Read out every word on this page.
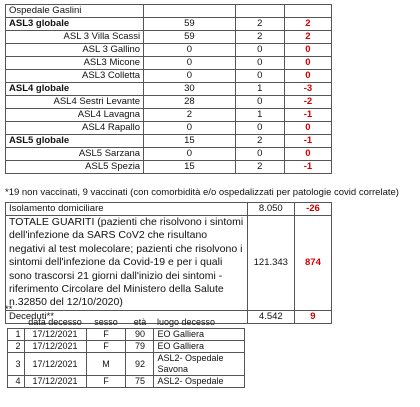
Ospedale Gaslini			
ASL3 globale	59	2	2
ASL 3 Villa Scassi	59	2	2
ASL 3 Gallino	0	0	0
ASL3 Micone	0	0	0
ASL3 Colletta	0	0	0
ASL4 globale	30	1	-3
ASL4 Sestri Levante	28	0	-2
ASL4 Lavagna	2	1	-1
ASL4 Rapallo	0	0	0
ASL5 globale	15	2	-1
ASL5 Sarzana	0	0	0
ASL5 Spezia	15	2	-1
*19 non vaccinati, 9 vaccinati (con comorbidità e/o ospedalizzati per patologie covid correlate)
Isolamento domiciliare	8.050	-26
TOTALE GUARITI (pazienti che risolvono i sintomi dell'infezione da SARS CoV2 che risultano negativi al test molecolare; pazienti che risolvono i sintomi dell'infezione da Covid-19 e per i quali sono trascorsi 21 giorni dall'inizio dei sintomi - riferimento Circolare del Ministero della Salute n.32850 del 12/10/2020)	121.343	874
Deceduti**	4.542	9
**
	data decesso	sesso	età	luogo decesso
1	17/12/2021	F	90	EO Galliera
2	17/12/2021	F	79	EO Galliera
3	17/12/2021	M	92	ASL2- Ospedale Savona
4	17/12/2021	F	75	ASL2- Ospedale
